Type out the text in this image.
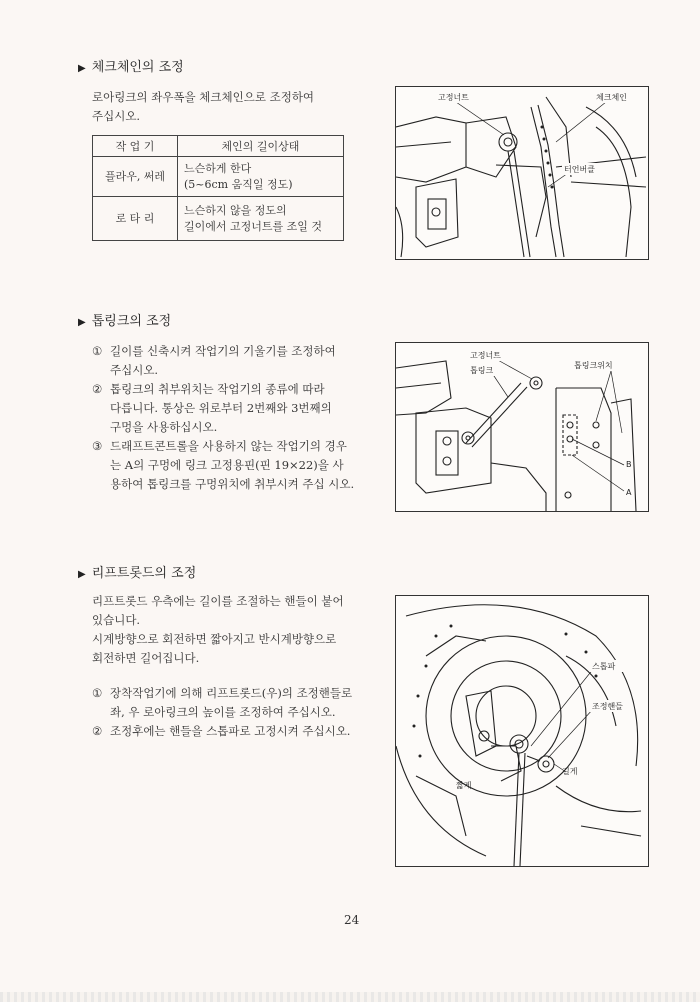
▶ 체크체인의 조정

로아링크의 좌우폭을 체크체인으로 조정하여

주십시오.

작 업 기	체인의 길이상태
플라우, 써레	느슨하게 한다
(5~6cm 움직일 정도)

로 타 리	느슨하지 않을 정도의
길이에서 고정너트를 조일 것
고정너트	체크체인
터언버클
▶ 톱링크의 조정
① 길이를 신축시켜 작업기의 기울기를 조정하여
주십시오.
② 톱링크의 취부위치는 작업기의 종류에 따라
다릅니다. 통상은 위로부터 2번째와 3번째의
구멍을 사용하십시오.
③ 드래프트콘트롤을 사용하지 않는 작업기의 경우
는 A의 구멍에 링크 고정용핀(핀 19×22)을 사
용하여 톱링크를 구멍위치에 취부시켜 주십 시오.
고정너트
톱링크
톱링크위치
B
A
▶ 리프트롯드의 조정

리프트롯드 우측에는 길이를 조절하는 핸들이 붙어

있습니다.

시계방향으로 회전하면 짧아지고 반시계방향으로

회전하면 길어집니다.

① 장착작업기에 의해 리프트롯드(우)의 조정핸들로
좌, 우 로아링크의 높이를 조정하여 주십시오.
② 조정후에는 핸들을 스톱파로 고정시켜 주십시오.
스톱파
조정핸들
짧게
길게
24
